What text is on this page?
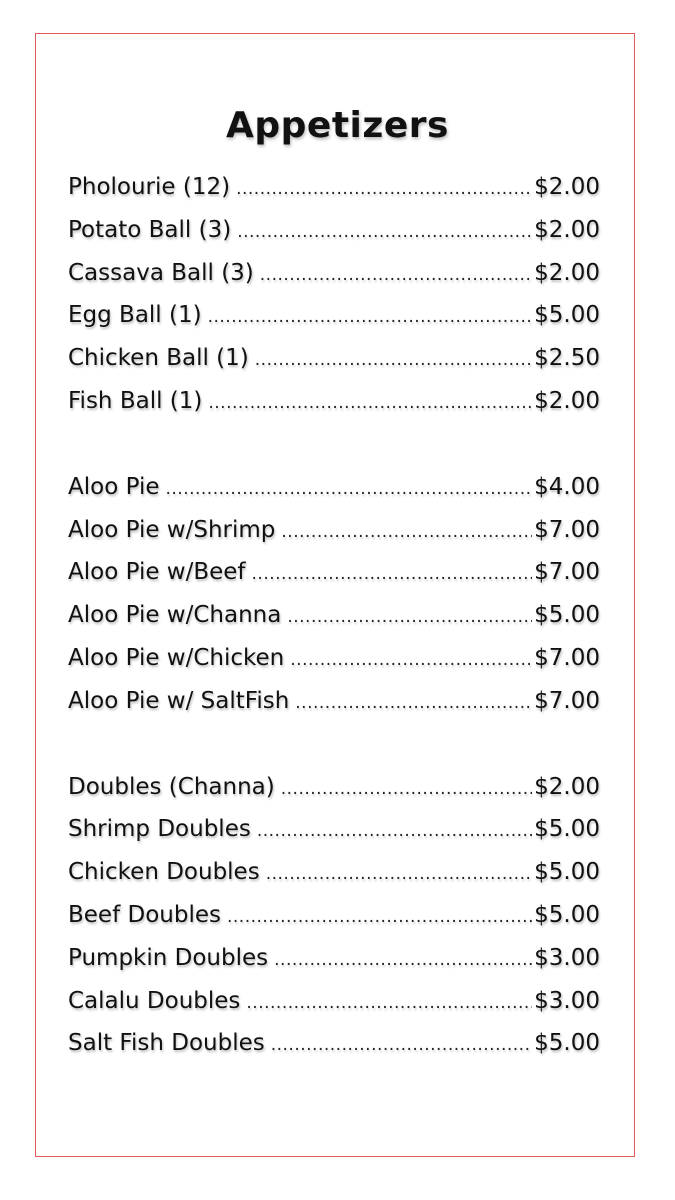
Appetizers
Pholourie (12) .....	$2.00
Potato Ball (3) .....	$2.00
Cassava Ball (3) .....	$2.00
Egg Ball (1) .....	$5.00
Chicken Ball (1) .....	$2.50
Fish Ball (1) .....	$2.00
Aloo Pie .....	$4.00
Aloo Pie w/Shrimp .....	$7.00
Aloo Pie w/Beef .....	$7.00
Aloo Pie w/Channa .....	$5.00
Aloo Pie w/Chicken .....	$7.00
Aloo Pie w/ SaltFish .....	$7.00
Doubles (Channa) .....	$2.00
Shrimp Doubles .....	$5.00
Chicken Doubles .....	$5.00
Beef Doubles .....	$5.00
Pumpkin Doubles .....	$3.00
Calalu Doubles .....	$3.00
Salt Fish Doubles .....	$5.00
